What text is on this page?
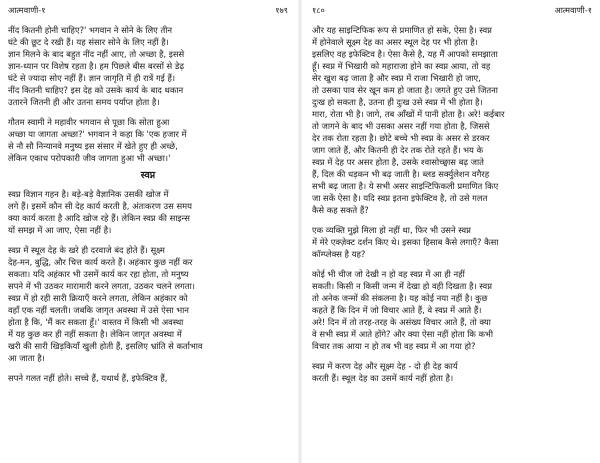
आत्मवाणी-१	१७९

नींद कितनी होनी चाहिए?' भगवान ने सोने के लिए तीन
घंटे की छूट दे रखी हैं। यह संसार सोने के लिए नहीं है।
ज्ञान मिलने के बाद बहुत नींद नहीं आए, तो अच्छा है, इससे
ज्ञान-ध्यान पर विशेष रहता है। हम पिछले बीस बरसों से डेढ़
घंटे से ज्यादा सोए नहीं हैं। ज्ञान जागृति में ही रात्रें गई हैं।
नींद कितनी चाहिए? इस देह को उसके कार्य के बाद थकान
उतारने जितनी ही और उतना समय पर्याप्त होता है।

गौतम स्वामी ने महावीर भगवान से पूछा कि सोता हुआ
अच्छा या जागता अच्छा?' भगवान ने कहा कि 'एक हजार में
से नौ सौ निन्यानवे मनुष्य इस संसार में खेते हुए ही अच्छे,
लेकिन एकाध परोपकारी जीव जागता हुआ भी अच्छा।'

स्वप्न

स्वप्न विज्ञान गहन है। बड़े-बड़े वैज्ञानिक उसकी खोज में
लगे हैं। इसमें कौन सी देह कार्य करती है, अंतःकरण उस समय
क्या कार्य करता है आदि खोज रहे हैं। लेकिन स्वप्न की साइन्स
यों समझ में आ जाए, ऐसा नहीं है।

स्वप्न में स्थूल देह के खरे ही दरवाजे बंद होते हैं। सूक्ष्म
देह-मन, बुद्धि, और चित्त कार्य करते हैं। अहंकार कुछ नहीं कर
सकता। यदि अहंकार भी उसमें कार्य कर रहा होता, तो मनुष्य
सपने में भी उठकर मारामारी करने लगता, उठकर चलने लगता।
स्वप्न में हो रही सारी क्रियाएँ करने लगता, लेकिन अहंकार को
वहाँ एक नहीं चलती। जबकि जागृत अवस्था में उसे ऐसा भान
होता है कि, 'मैं कर सकता हूँ।' वास्तव में किसी भी अवस्था
में यह कुछ कर ही नहीं सकता है। लेकिन जागृत अवस्था में
खरी की सारी खिड़कियाँ खुली होती हैं, इसलिए भ्रांति से कर्ताभाव
आ जाता है।

सपने गलत नहीं होते। सच्चे हैं, यथार्थ हैं, इफेक्टिव हैं,

१८०	आत्मवाणी-१

और यह साइन्टिफिक रूप से प्रमाणित हो सके, ऐसा है। स्वप्न
में होनेवाले सूक्ष्म देह का असर स्थूल देह पर भी होता है।
इसलिए वह इफेक्टिव है। ऐसा कैसे है, यह मैं आपको समझाता
हूँ। स्वप्न में भिखारी को महाराजा होने का स्वप्न आया, तो वह
सेर खुश बढ़ जाता है और स्वप्न में राजा भिखारी हो जाए,
तो उसका पाव सेर खून कम हो जाता है। जगते हुए उसे जितना
दुःख हो सकता है, उतना ही दुःख उसे स्वप्न में भी होता है।
मारा, रोता भी है। जागे, तब आँखों में पानी होता है। अरे! कईबार
तो जागने के बाद भी उसका असर नहीं गया होता है, जिससे
देर तक रोता रहता है। छोटे बच्चे भी स्वप्न के असर से डरकर
जाग जाते हैं, और कितनी ही देर तक रोते रहते हैं। भय के
स्वप्न में देह पर असर होता है, उसके श्वासोच्छ्वास बढ़ जाते
हैं, दिल की धड़कन भी बढ़ जाती है। ब्लड सर्क्युलेशन वगैरह
सभी बढ़ जाता है। ये सभी असर साइन्टिफिकली प्रमाणित किए
जा सकें ऐसा है। यदि स्वप्न इतना इफेक्टिव है, तो उसे गलत
कैसे कह सकते हैं?

एक व्यक्ति मुझे मिला हो नहीं था, फिर भी उसने स्वप्न
में मेरे एक्ज़ेक्ट दर्शन किए थे। इसका हिसाब कैसे लगाएँ? कैसा
कॉम्प्लेक्स है यह?

कोई भी चीज जो देखी न हो वह स्वप्न में आ ही नहीं
सकती। किसी न किसी जन्म में देखा हो वही दिखता है। स्वप्न
तो अनेक जन्मों की संकलना है। यह कोई नया नहीं है। कुछ
कहते हैं कि दिन में जो विचार आते हैं, वे स्वप्न में आते हैं।
अरे! दिन में तो तरह-तरह के असंख्य विचार आते हैं, तो क्या
वे सभी स्वप्न में आते होंगे? और क्या ऐसा नहीं होता कि कभी
विचार तक आया न हो तब भी वह स्वप्न में आ गया हो?

स्वप्न में करण देह और सूक्ष्म देह - दो ही देह कार्य
करती हैं। स्थूल देह का उसमें कार्य नहीं होता है।
